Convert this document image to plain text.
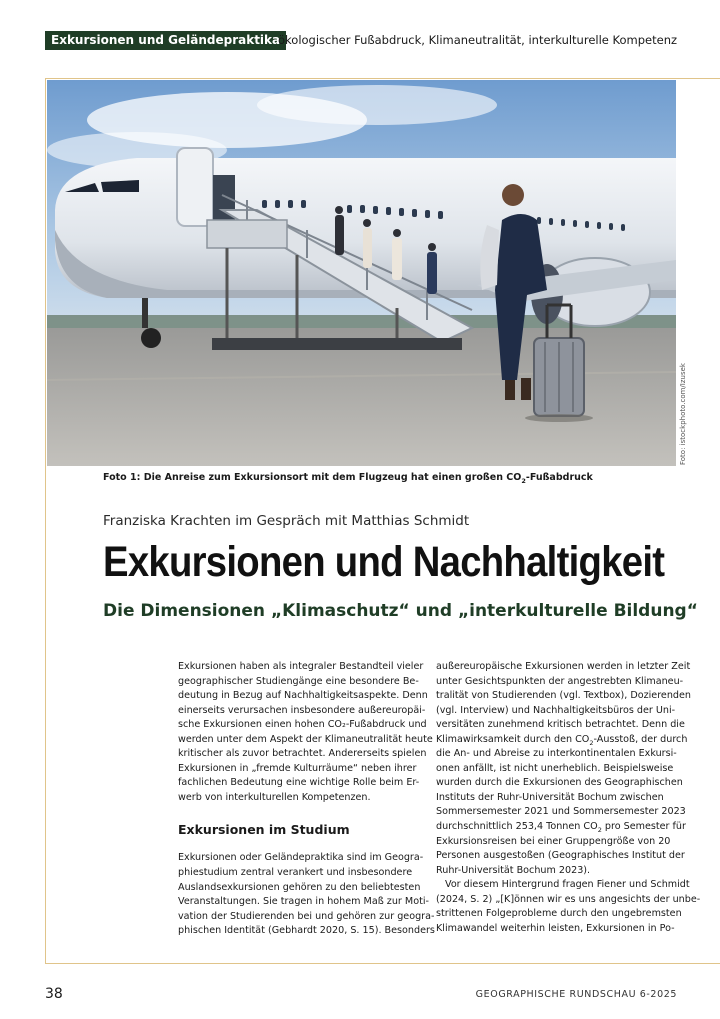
Exkursionen und Geländepraktika
ökologischer Fußabdruck, Klimaneutralität, interkulturelle Kompetenz
Foto: istockphoto.com/Izusek
Foto 1: Die Anreise zum Exkursionsort mit dem Flugzeug hat einen großen $CO_2$-Fußabdruck
Franziska Krachten im Gespräch mit Matthias Schmidt
Exkursionen und Nachhaltigkeit
Die Dimensionen „Klimaschutz“ und „interkulturelle Bildung“
Exkursionen haben als integraler Bestandteil vieler
geographischer Studiengänge eine besondere Be-
deutung in Bezug auf Nachhaltigkeitsaspekte. Denn
einerseits verursachen insbesondere außereuropäi-
sche Exkursionen einen hohen CO₂-Fußabdruck und
werden unter dem Aspekt der Klimaneutralität heute
kritischer als zuvor betrachtet. Andererseits spielen
Exkursionen in „fremde Kulturräume“ neben ihrer
fachlichen Bedeutung eine wichtige Rolle beim Er-
werb von interkulturellen Kompetenzen.
Exkursionen im Studium
Exkursionen oder Geländepraktika sind im Geogra-
phiestudium zentral verankert und insbesondere
Auslandsexkursionen gehören zu den beliebtesten
Veranstaltungen. Sie tragen in hohem Maß zur Moti-
vation der Studierenden bei und gehören zur geogra-
phischen Identität (Gebhardt 2020, S. 15). Besonders
außereuropäische Exkursionen werden in letzter Zeit
unter Gesichtspunkten der angestrebten Klimaneu-
tralität von Studierenden (vgl. Textbox), Dozierenden
(vgl. Interview) und Nachhaltigkeitsbüros der Uni-
versitäten zunehmend kritisch betrachtet. Denn die
Klimawirksamkeit durch den $CO_2$-Ausstoß, der durch
die An- und Abreise zu interkontinentalen Exkursi-
onen anfällt, ist nicht unerheblich. Beispielsweise
wurden durch die Exkursionen des Geographischen
Instituts der Ruhr-Universität Bochum zwischen
Sommersemester 2021 und Sommersemester 2023
durchschnittlich 253,4 Tonnen $CO_2$ pro Semester für
Exkursionsreisen bei einer Gruppengröße von 20
Personen ausgestoßen (Geographisches Institut der
Ruhr-Universität Bochum 2023).
Vor diesem Hintergrund fragen Fiener und Schmidt
(2024, S. 2) „[K]önnen wir es uns angesichts der unbe-
strittenen Folgeprobleme durch den ungebremsten
Klimawandel weiterhin leisten, Exkursionen in Po-
38	GEOGRAPHISCHE RUNDSCHAU 6-2025
